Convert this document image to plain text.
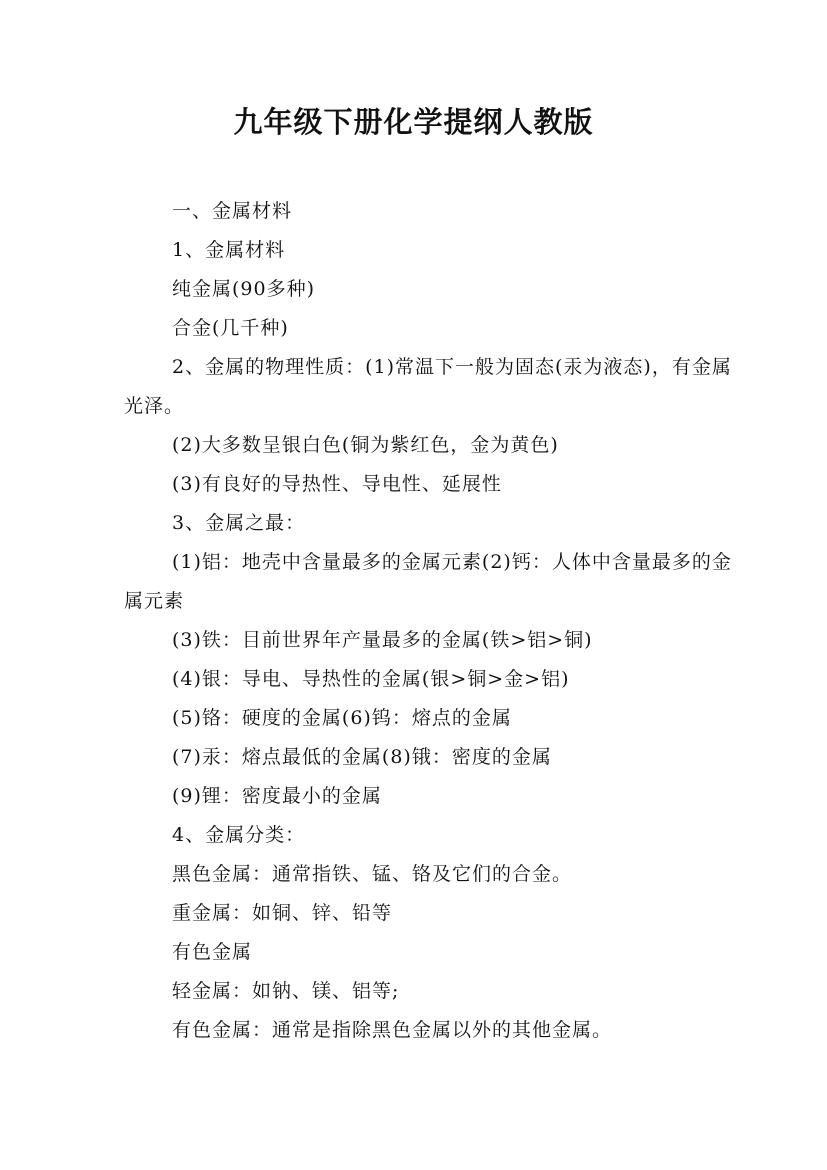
九年级下册化学提纲人教版

一、金属材料

1、金属材料

纯金属(90多种)

合金(几千种)

2、金属的物理性质：(1)常温下一般为固态(汞为液态)，有金属光泽。

(2)大多数呈银白色(铜为紫红色，金为黄色)

(3)有良好的导热性、导电性、延展性

3、金属之最：

(1)铝：地壳中含量最多的金属元素(2)钙：人体中含量最多的金属元素

(3)铁：目前世界年产量最多的金属(铁>铝>铜)

(4)银：导电、导热性的金属(银>铜>金>铝)

(5)铬：硬度的金属(6)钨：熔点的金属

(7)汞：熔点最低的金属(8)锇：密度的金属

(9)锂：密度最小的金属

4、金属分类：

黑色金属：通常指铁、锰、铬及它们的合金。

重金属：如铜、锌、铅等

有色金属

轻金属：如钠、镁、铝等;

有色金属：通常是指除黑色金属以外的其他金属。
